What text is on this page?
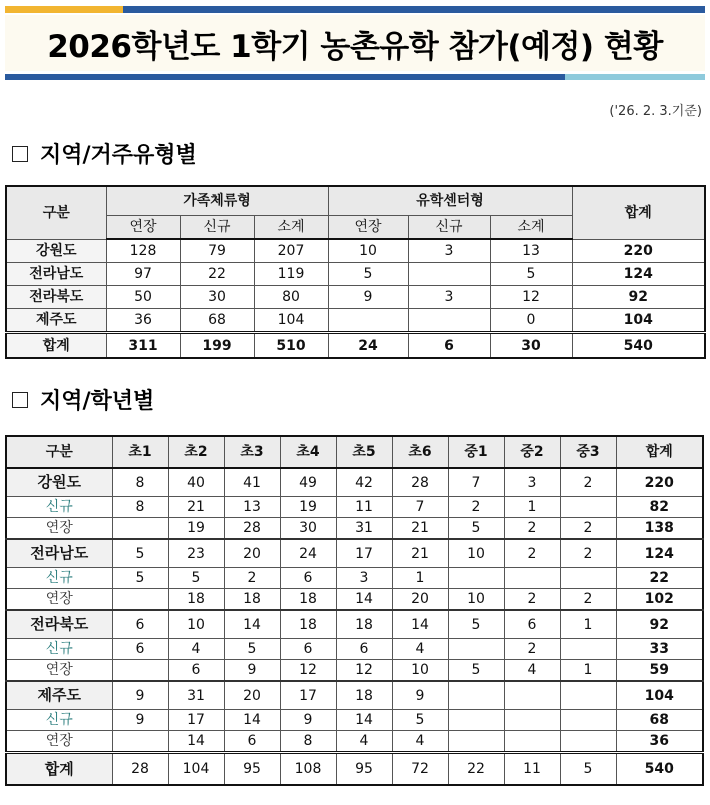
2026학년도 1학기 농촌유학 참가(예정) 현황
('26. 2. 3.기준)
지역/거주유형별
구분	가족체류형			유학센터형			합계
	연장	신규	소계	연장	신규	소계	
강원도	128	79	207	10	3	13	220
전라남도	97	22	119	5		5	124
전라북도	50	30	80	9	3	12	92
제주도	36	68	104			0	104
합계	311	199	510	24	6	30	540
지역/학년별
구분	초1	초2	초3	초4	초5	초6	중1	중2	중3	합계
강원도	8	40	41	49	42	28	7	3	2	220
신규	8	21	13	19	11	7	2	1		82
연장		19	28	30	31	21	5	2	2	138
전라남도	5	23	20	24	17	21	10	2	2	124
신규	5	5	2	6	3	1				22
연장		18	18	18	14	20	10	2	2	102
전라북도	6	10	14	18	18	14	5	6	1	92
신규	6	4	5	6	6	4		2		33
연장		6	9	12	12	10	5	4	1	59
제주도	9	31	20	17	18	9				104
신규	9	17	14	9	14	5				68
연장		14	6	8	4	4				36
합계	28	104	95	108	95	72	22	11	5	540
